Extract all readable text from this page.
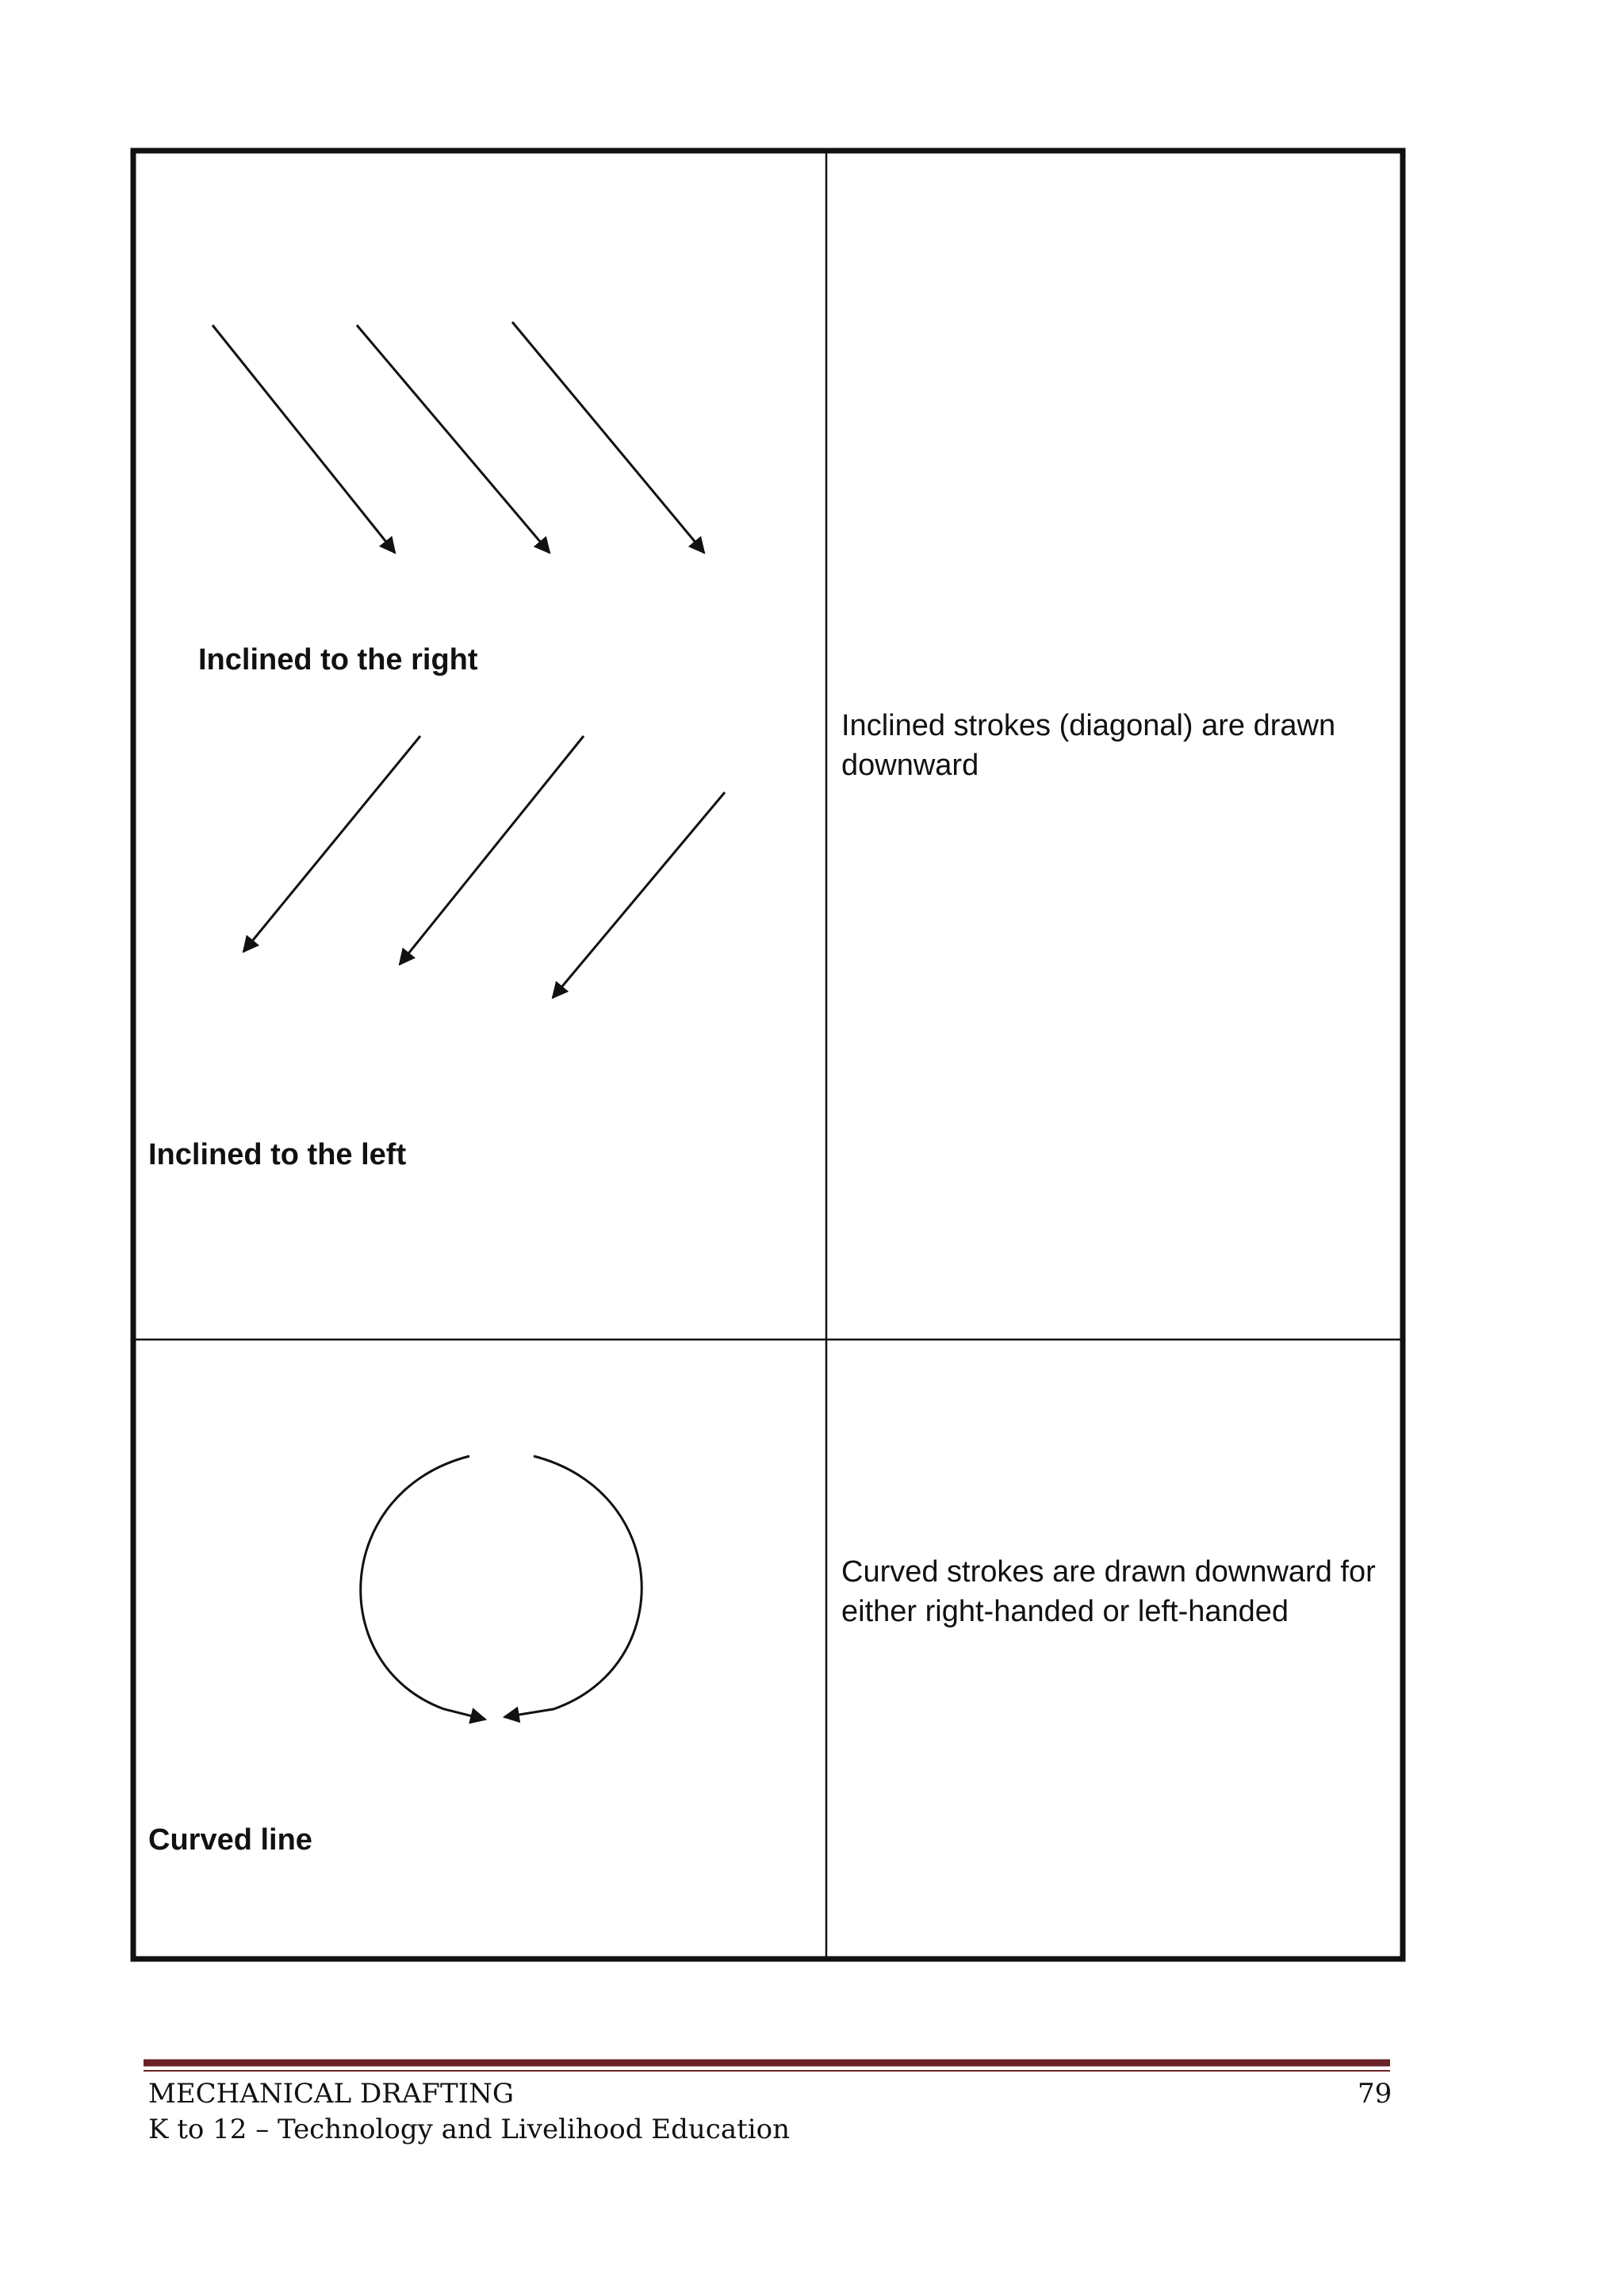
Inclined to the right
Inclined to the left
Inclined strokes (diagonal) are drawn downward
Curved line
Curved strokes are drawn downward for either right-handed or left-handed
MECHANICAL DRAFTING
K to 12 – Technology and Livelihood Education
79
